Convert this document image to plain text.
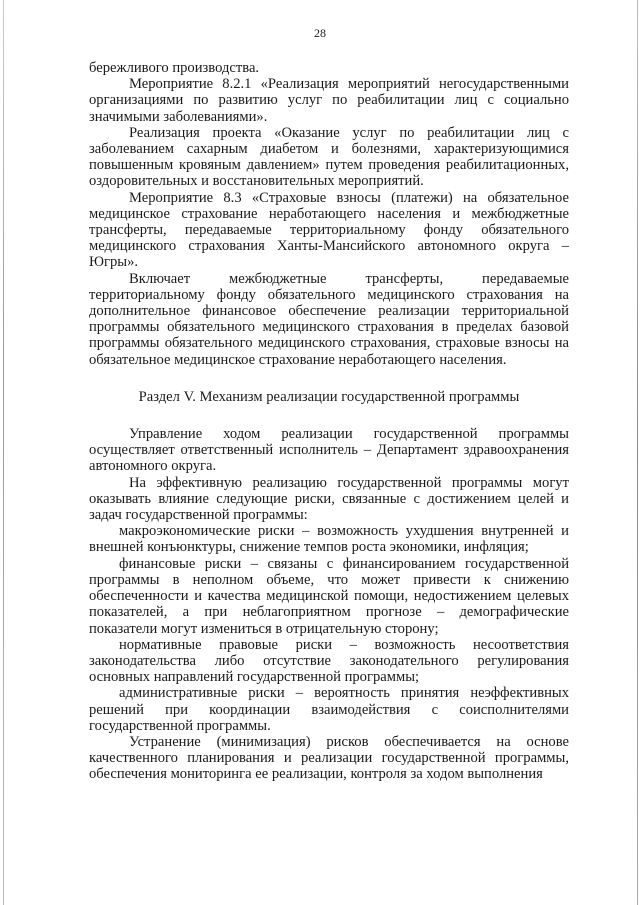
28

бережливого производства.

Мероприятие 8.2.1 «Реализация мероприятий негосударственными организациями по развитию услуг по реабилитации лиц с социально значимыми заболеваниями».

Реализация проекта «Оказание услуг по реабилитации лиц с заболеванием сахарным диабетом и болезнями, характеризующимися повышенным кровяным давлением» путем проведения реабилитационных, оздоровительных и восстановительных мероприятий.

Мероприятие 8.3 «Страховые взносы (платежи) на обязательное медицинское страхование неработающего населения и межбюджетные трансферты, передаваемые территориальному фонду обязательного медицинского страхования Ханты-Мансийского автономного округа – Югры».

Включает межбюджетные трансферты, передаваемые территориальному фонду обязательного медицинского страхования на дополнительное финансовое обеспечение реализации территориальной программы обязательного медицинского страхования в пределах базовой программы обязательного медицинского страхования, страховые взносы на обязательное медицинское страхование неработающего населения.

Раздел V. Механизм реализации государственной программы

Управление ходом реализации государственной программы осуществляет ответственный исполнитель – Департамент здравоохранения автономного округа.

На эффективную реализацию государственной программы могут оказывать влияние следующие риски, связанные с достижением целей и задач государственной программы:

макроэкономические риски – возможность ухудшения внутренней и внешней конъюнктуры, снижение темпов роста экономики, инфляция;

финансовые риски – связаны с финансированием государственной программы в неполном объеме, что может привести к снижению обеспеченности и качества медицинской помощи, недостижением целевых показателей, а при неблагоприятном прогнозе – демографические показатели могут измениться в отрицательную сторону;

нормативные правовые риски – возможность несоответствия законодательства либо отсутствие законодательного регулирования основных направлений государственной программы;

административные риски – вероятность принятия неэффективных решений при координации взаимодействия с соисполнителями государственной программы.

Устранение (минимизация) рисков обеспечивается на основе качественного планирования и реализации государственной программы, обеспечения мониторинга ее реализации, контроля за ходом выполнения
